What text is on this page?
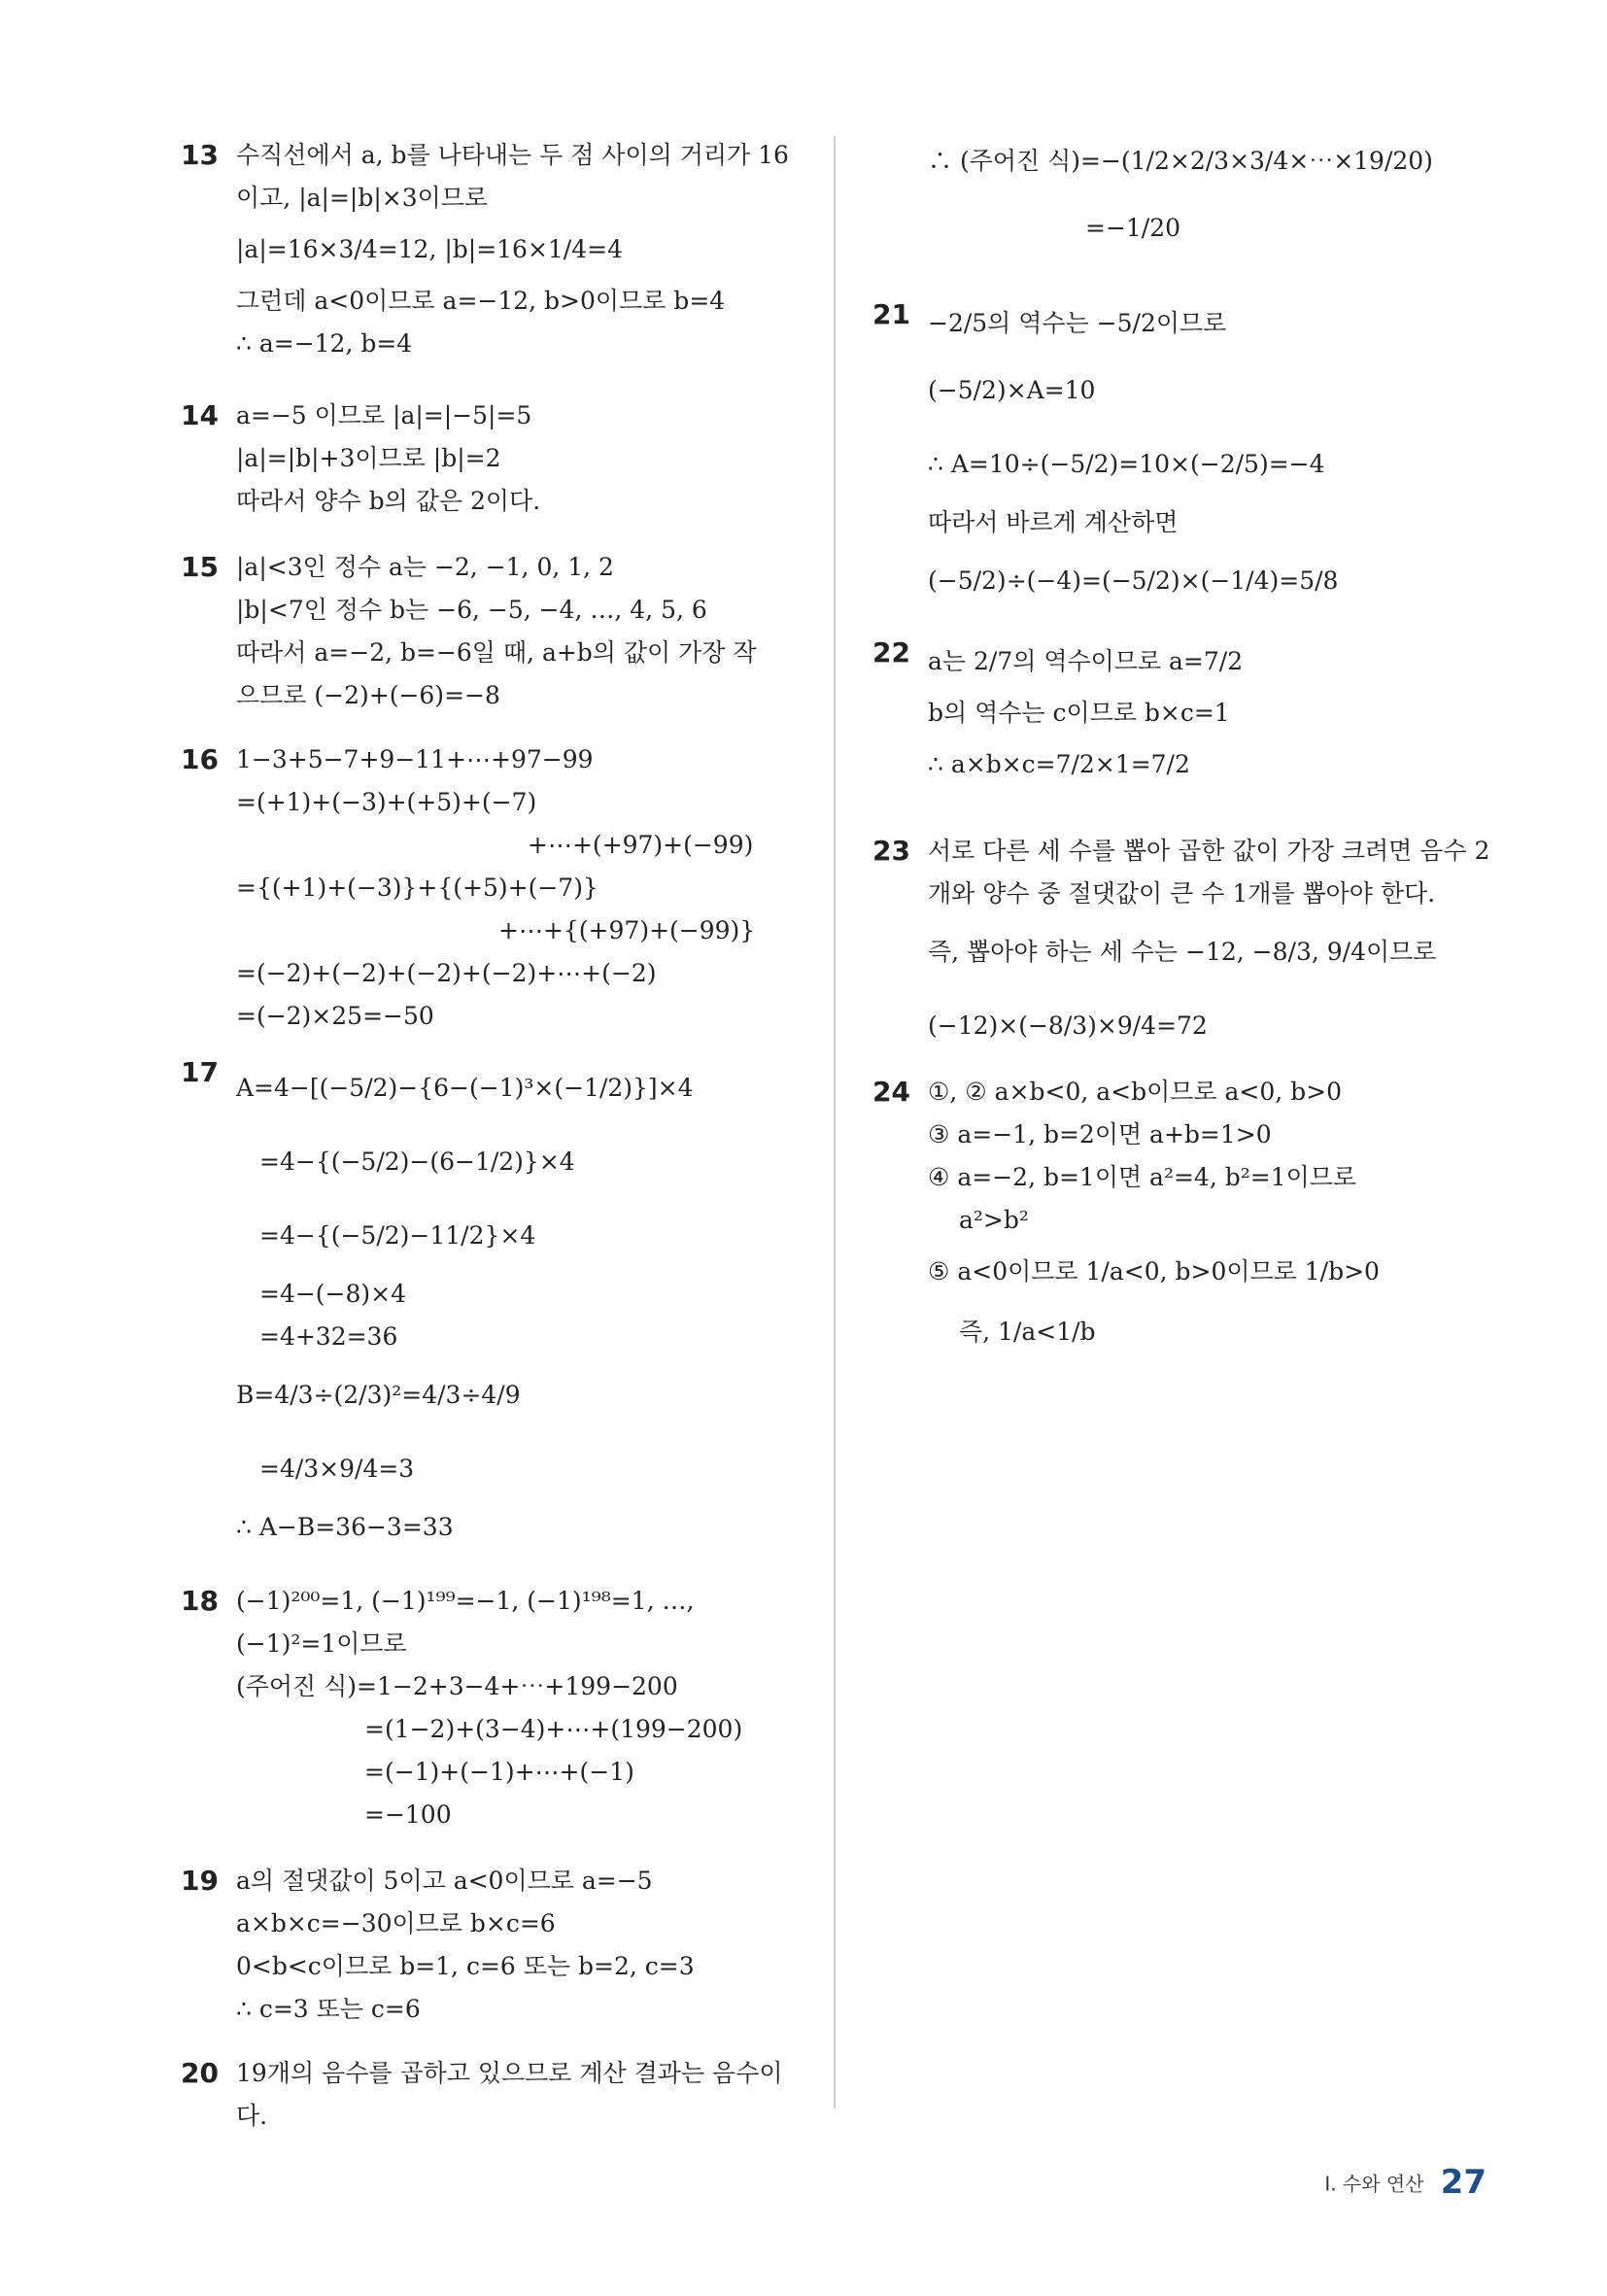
13 수직선에서 a, b를 나타내는 두 점 사이의 거리가 16
이고, |a|=|b|×3이므로
|a|=16×3/4=12, |b|=16×1/4=4
그런데 a<0이므로 a=−12, b>0이므로 b=4
∴ a=−12, b=4
14 a=−5 이므로 |a|=|−5|=5
|a|=|b|+3이므로 |b|=2
따라서 양수 b의 값은 2이다.
15 |a|<3인 정수 a는 −2, −1, 0, 1, 2
|b|<7인 정수 b는 −6, −5, −4, …, 4, 5, 6
따라서 a=−2, b=−6일 때, a+b의 값이 가장 작
으므로 (−2)+(−6)=−8
16 1−3+5−7+9−11+⋯+97−99
=(+1)+(−3)+(+5)+(−7)
+⋯+(+97)+(−99)
={(+1)+(−3)}+{(+5)+(−7)}
+⋯+{(+97)+(−99)}
=(−2)+(−2)+(−2)+(−2)+⋯+(−2)
=(−2)×25=−50
17 A=4−[(−5/2)−{6−(−1)³×(−1/2)}]×4
=4−{(−5/2)−(6−1/2)}×4
=4−{(−5/2)−11/2}×4
=4−(−8)×4
=4+32=36
B=4/3÷(2/3)²=4/3÷4/9
=4/3×9/4=3
∴ A−B=36−3=33
18 (−1)²⁰⁰=1, (−1)¹⁹⁹=−1, (−1)¹⁹⁸=1, …,
(−1)²=1이므로
(주어진 식)=1−2+3−4+⋯+199−200
=(1−2)+(3−4)+⋯+(199−200)
=(−1)+(−1)+⋯+(−1)
=−100
19 a의 절댓값이 5이고 a<0이므로 a=−5
a×b×c=−30이므로 b×c=6
0<b<c이므로 b=1, c=6 또는 b=2, c=3
∴ c=3 또는 c=6
20 19개의 음수를 곱하고 있으므로 계산 결과는 음수이
다.
∴ (주어진 식)=−(1/2×2/3×3/4×⋯×19/20)
=−1/20
21 −2/5의 역수는 −5/2이므로
(−5/2)×A=10
∴ A=10÷(−5/2)=10×(−2/5)=−4
따라서 바르게 계산하면
(−5/2)÷(−4)=(−5/2)×(−1/4)=5/8
22 a는 2/7의 역수이므로 a=7/2
b의 역수는 c이므로 b×c=1
∴ a×b×c=7/2×1=7/2
23 서로 다른 세 수를 뽑아 곱한 값이 가장 크려면 음수 2
개와 양수 중 절댓값이 큰 수 1개를 뽑아야 한다.
즉, 뽑아야 하는 세 수는 −12, −8/3, 9/4이므로
(−12)×(−8/3)×9/4=72
24 ①, ② a×b<0, a<b이므로 a<0, b>0
③ a=−1, b=2이면 a+b=1>0
④ a=−2, b=1이면 a²=4, b²=1이므로
a²>b²
⑤ a<0이므로 1/a<0, b>0이므로 1/b>0
즉, 1/a<1/b
Ⅰ. 수와 연산 27
